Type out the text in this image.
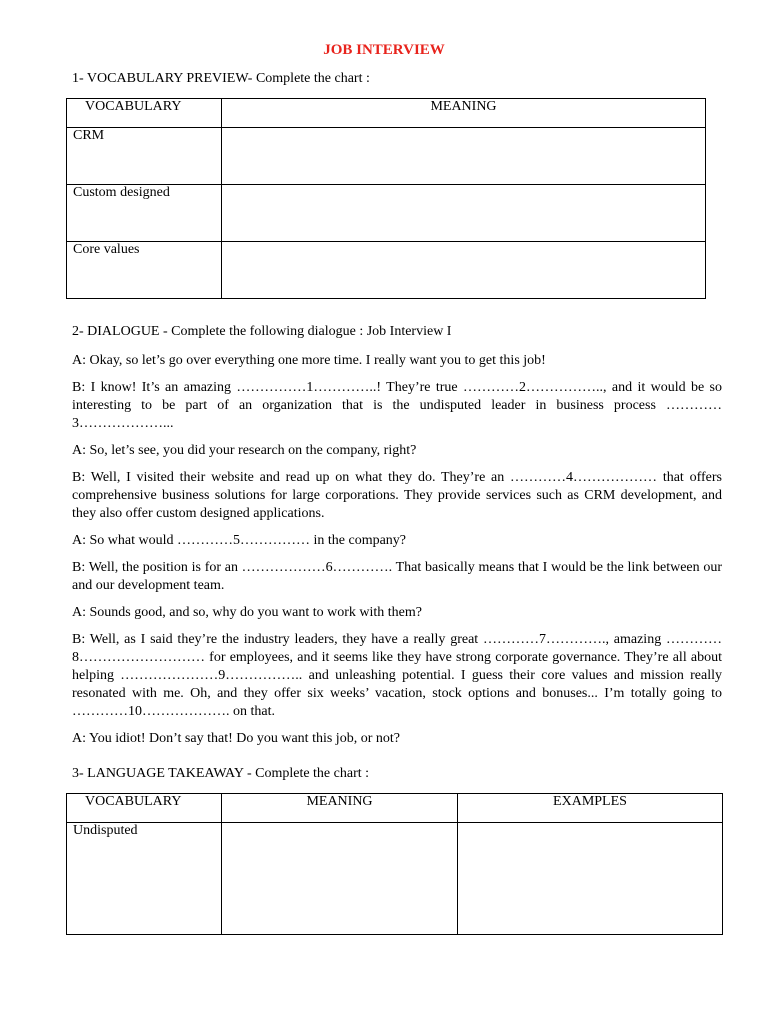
JOB INTERVIEW
1- VOCABULARY PREVIEW- Complete the chart :
VOCABULARY	MEANING
CRM	
Custom designed	
Core values	
2- DIALOGUE - Complete the following dialogue : Job Interview I

A: Okay, so let’s go over everything one more time. I really want you to get this job!

B: I know! It’s an amazing ……………1…………..! They’re true …………2…………….., and it would be so interesting to be part of an organization that is the undisputed leader in business process …………3………………...

A: So, let’s see, you did your research on the company, right?

B: Well, I visited their website and read up on what they do. They’re an …………4……………… that offers comprehensive business solutions for large corporations. They provide services such as CRM development, and they also offer custom designed applications.

A: So what would …………5…………… in the company?

B: Well, the position is for an ………………6…………. That basically means that I would be the link between our and our development team.

A: Sounds good, and so, why do you want to work with them?

B: Well, as I said they’re the industry leaders, they have a really great …………7…………., amazing …………8……………………… for employees, and it seems like they have strong corporate governance. They’re all about helping …………………9…………….. and unleashing potential. I guess their core values and mission really resonated with me. Oh, and they offer six weeks’ vacation, stock options and bonuses... I’m totally going to …………10………………. on that.

A: You idiot! Don’t say that! Do you want this job, or not?

3- LANGUAGE TAKEAWAY - Complete the chart :
VOCABULARY	MEANING	EXAMPLES
Undisputed		
